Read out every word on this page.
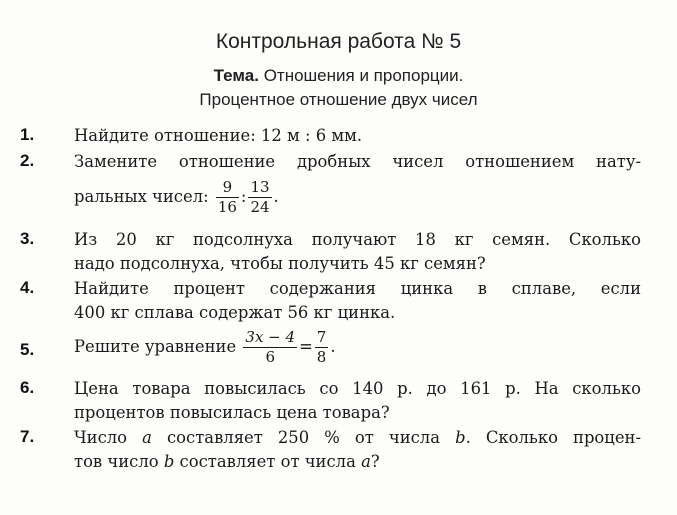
Контрольная работа № 5
Тема. Отношения и пропорции.
Процентное отношение двух чисел
1. Найдите отношение: 12 м : 6 мм.
2. Замените отношение дробных чисел отношением нату-
ральных чисел: $\frac{9}{16}$ : $\frac{13}{24}$ .
3. Из 20 кг подсолнуха получают 18 кг семян. Сколько
надо подсолнуха, чтобы получить 45 кг семян?
4. Найдите процент содержания цинка в сплаве, если
400 кг сплава содержат 56 кг цинка.
5. Решите уравнение $\frac{3x - 4}{6} = \frac{7}{8}$ .
6. Цена товара повысилась со 140 р. до 161 р. На сколько
процентов повысилась цена товара?
7. Число a составляет 250 % от числа b. Сколько процен-
тов число b составляет от числа a?
